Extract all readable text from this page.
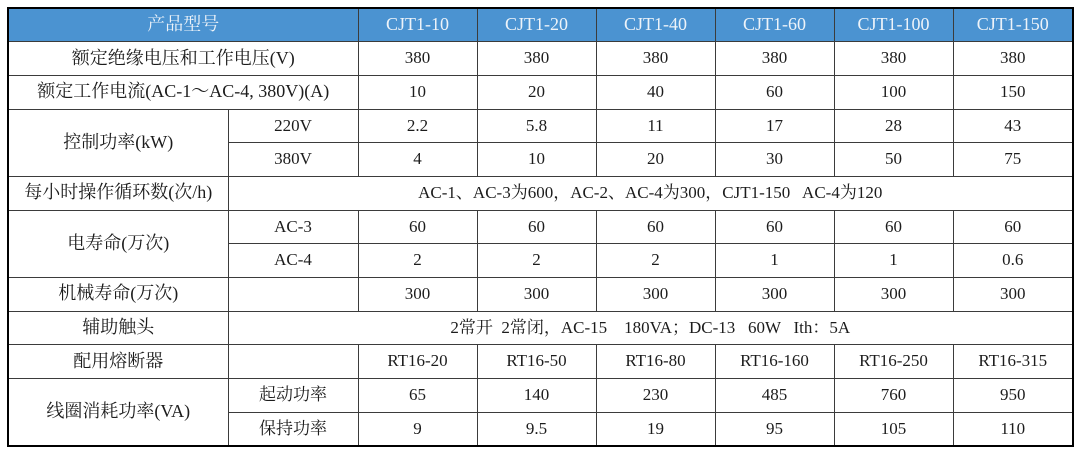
产品型号		CJT1-10	CJT1-20	CJT1-40	CJT1-60	CJT1-100	CJT1-150
额定绝缘电压和工作电压(V)		380	380	380	380	380	380
额定工作电流(AC-1～AC-4, 380V)(A)		10	20	40	60	100	150
控制功率(kW)	220V	2.2	5.8	11	17	28	43
	380V	4	10	20	30	50	75
每小时操作循环数(次/h)	AC-1、AC-3为600，AC-2、AC-4为300，CJT1-150   AC-4为120						
电寿命(万次)	AC-3	60	60	60	60	60	60
	AC-4	2	2	2	1	1	0.6
机械寿命(万次)		300	300	300	300	300	300
辅助触头	2常开  2常闭，AC-15    180VA；DC-13   60W   Ith：5A						
配用熔断器		RT16-20	RT16-50	RT16-80	RT16-160	RT16-250	RT16-315
线圈消耗功率(VA)	起动功率	65	140	230	485	760	950
	保持功率	9	9.5	19	95	105	110
